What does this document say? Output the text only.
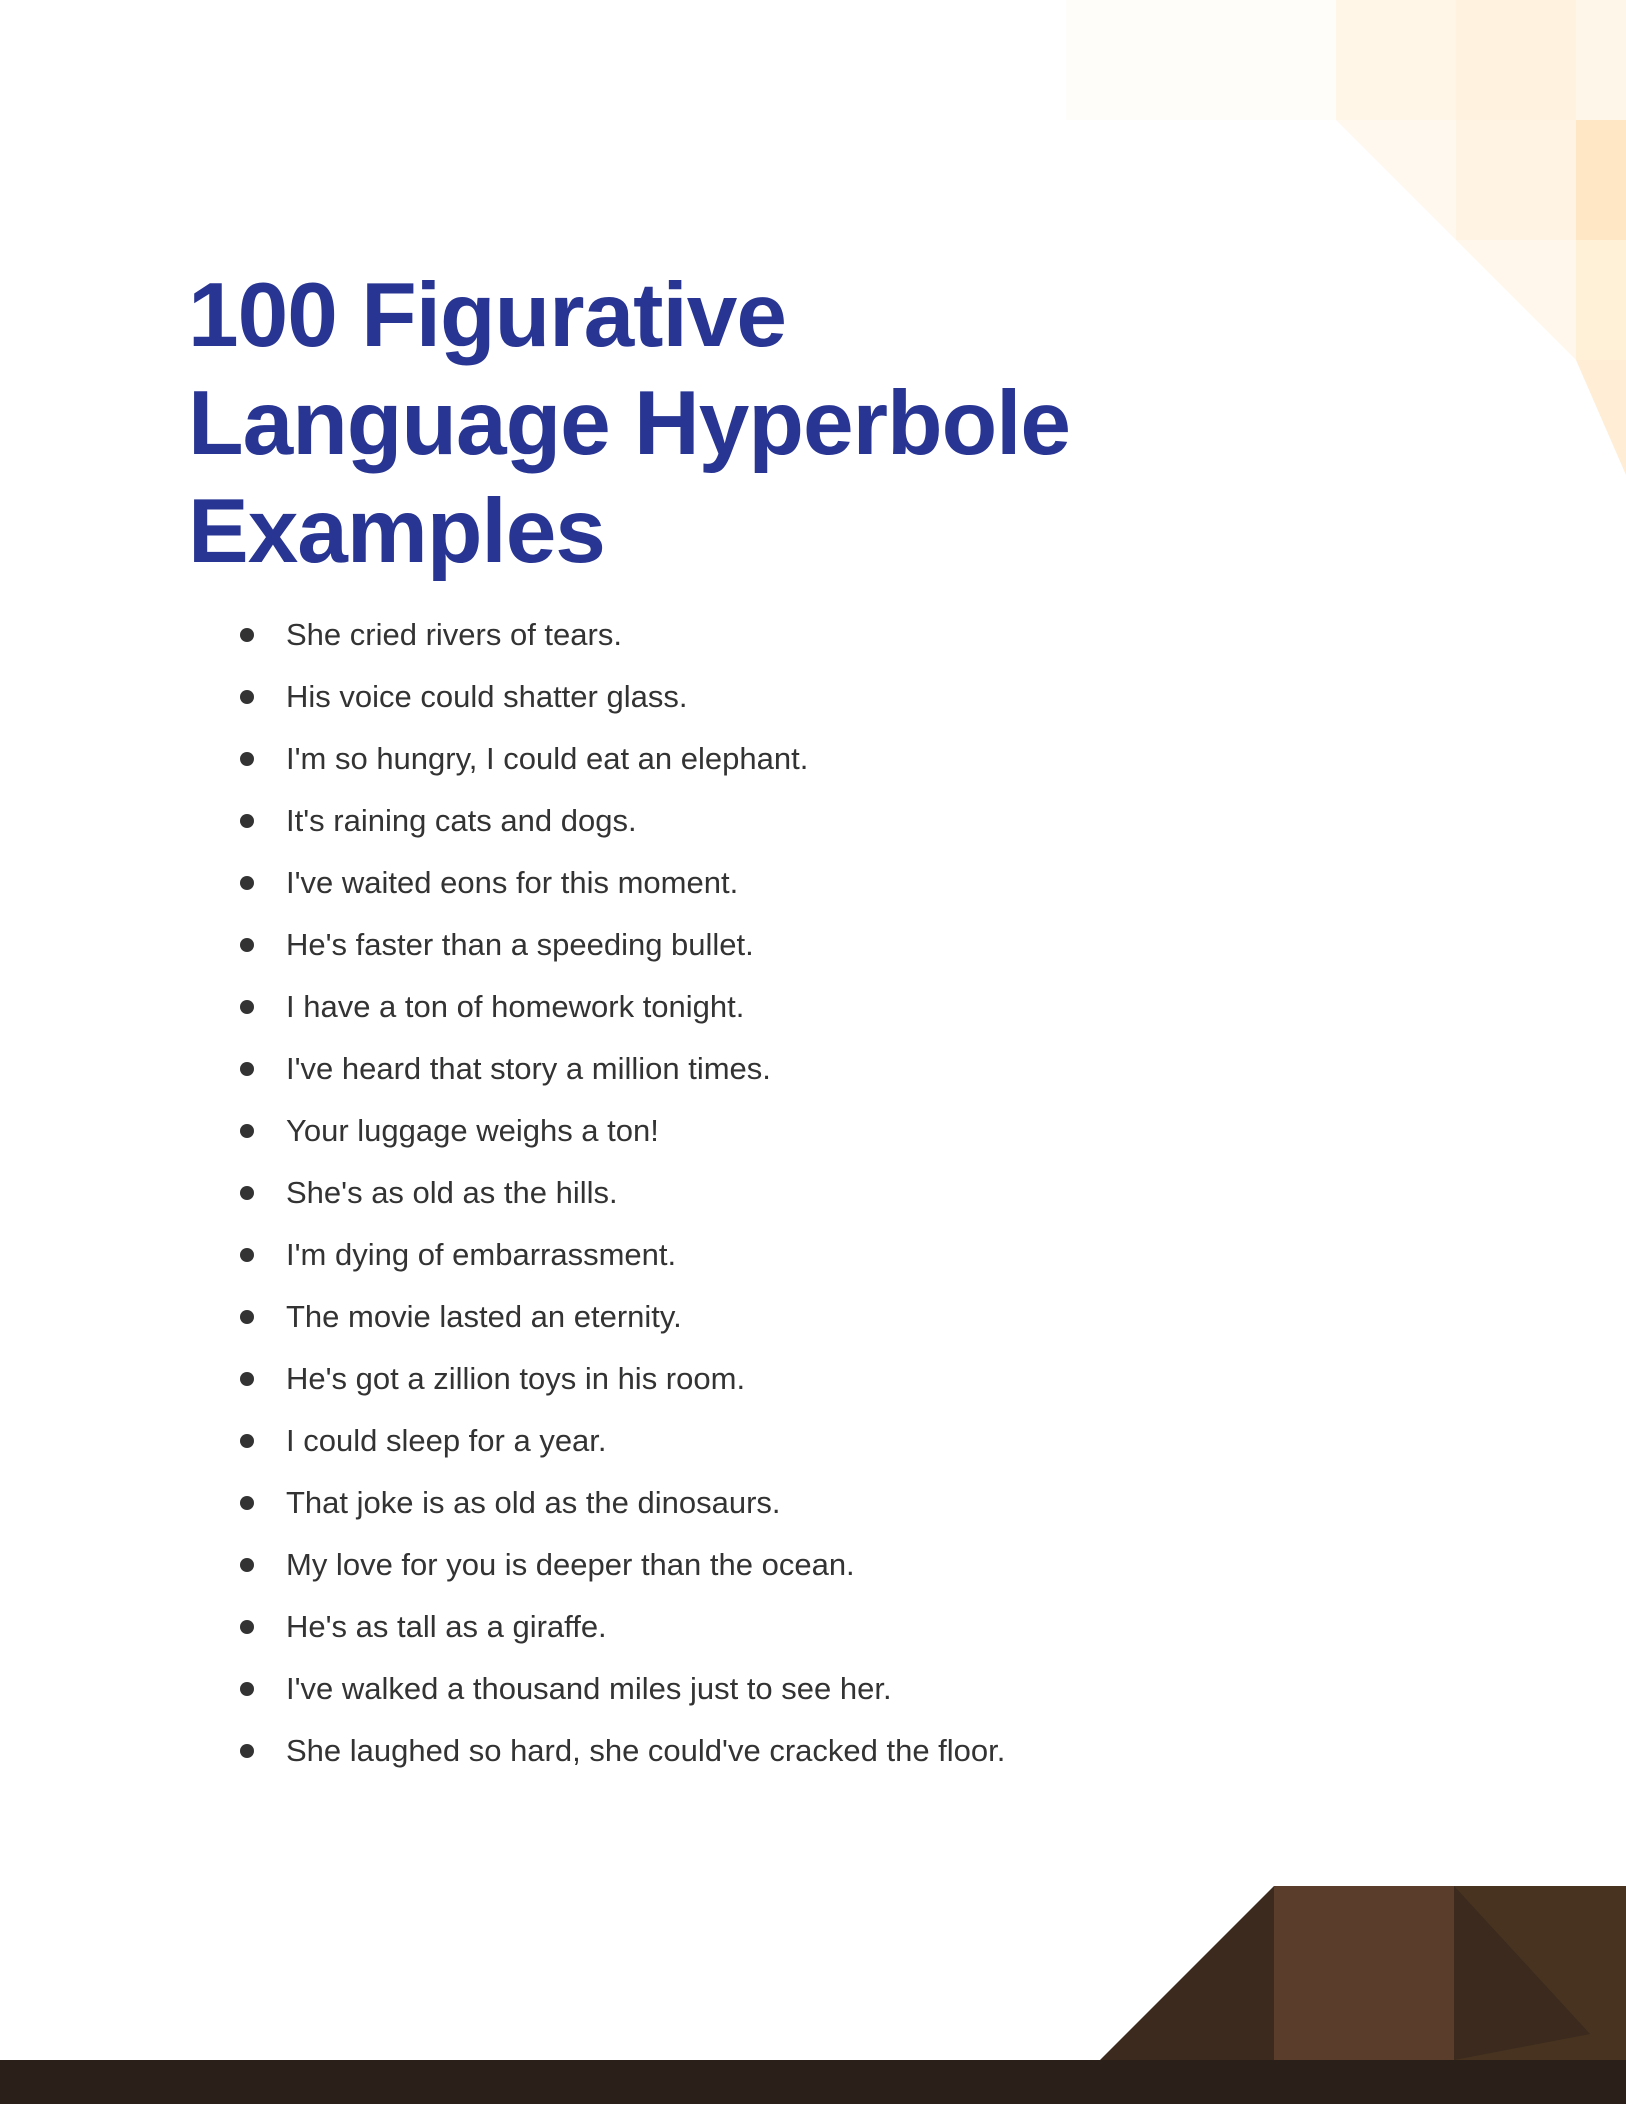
100 Figurative Language Hyperbole Examples
She cried rivers of tears.
His voice could shatter glass.
I'm so hungry, I could eat an elephant.
It's raining cats and dogs.
I've waited eons for this moment.
He's faster than a speeding bullet.
I have a ton of homework tonight.
I've heard that story a million times.
Your luggage weighs a ton!
She's as old as the hills.
I'm dying of embarrassment.
The movie lasted an eternity.
He's got a zillion toys in his room.
I could sleep for a year.
That joke is as old as the dinosaurs.
My love for you is deeper than the ocean.
He's as tall as a giraffe.
I've walked a thousand miles just to see her.
She laughed so hard, she could've cracked the floor.
